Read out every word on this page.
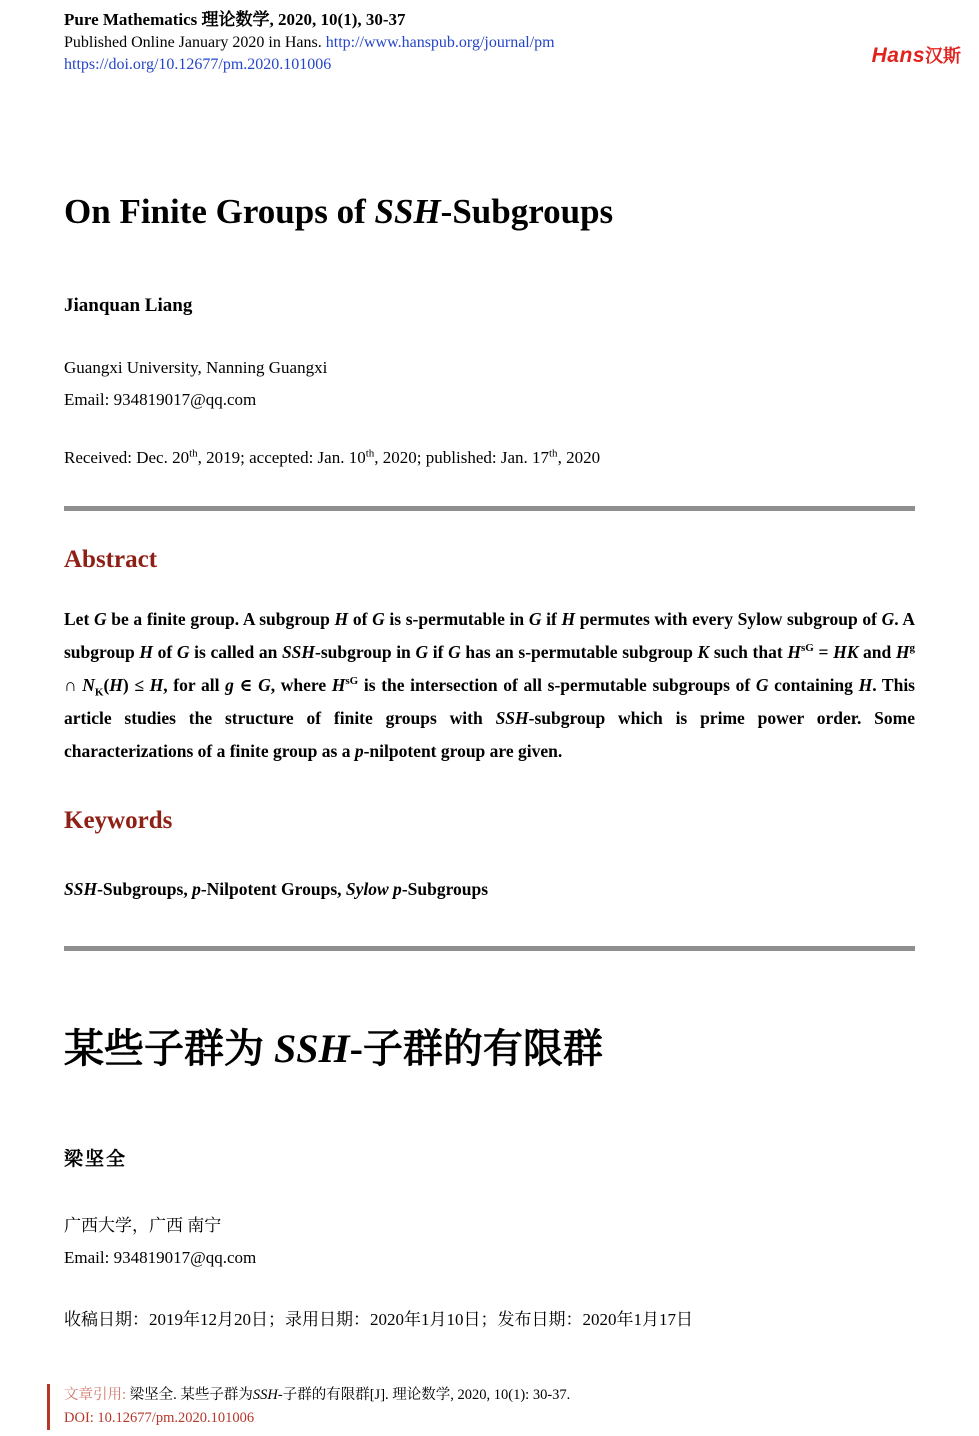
Pure Mathematics 理论数学, 2020, 10(1), 30-37
Published Online January 2020 in Hans. http://www.hanspub.org/journal/pm
https://doi.org/10.12677/pm.2020.101006	Hans汉斯
On Finite Groups of SSH-Subgroups
Jianquan Liang
Guangxi University, Nanning Guangxi
Email: 934819017@qq.com
Received: Dec. 20th, 2019; accepted: Jan. 10th, 2020; published: Jan. 17th, 2020
Abstract

Let G be a finite group. A subgroup H of G is s-permutable in G if H permutes with every Sylow subgroup of G. A subgroup H of G is called an SSH-subgroup in G if G has an s-permutable subgroup K such that $H^{sG}$ = HK and $H^g$ ∩ $N_K(H) \le H$, for all g ∈ G, where $H^{sG}$ is the intersection of all s-permutable subgroups of G containing H. This article studies the structure of finite groups with SSH-subgroup which is prime power order. Some characterizations of a finite group as a p-nilpotent group are given.

Keywords

SSH-Subgroups, p-Nilpotent Groups, Sylow p-Subgroups

某些子群为 SSH-子群的有限群
梁坚全
广西大学，广西 南宁
Email: 934819017@qq.com
收稿日期：2019年12月20日；录用日期：2020年1月10日；发布日期：2020年1月17日
文章引用: 梁坚全. 某些子群为SSH-子群的有限群[J]. 理论数学, 2020, 10(1): 30-37.
DOI: 10.12677/pm.2020.101006
